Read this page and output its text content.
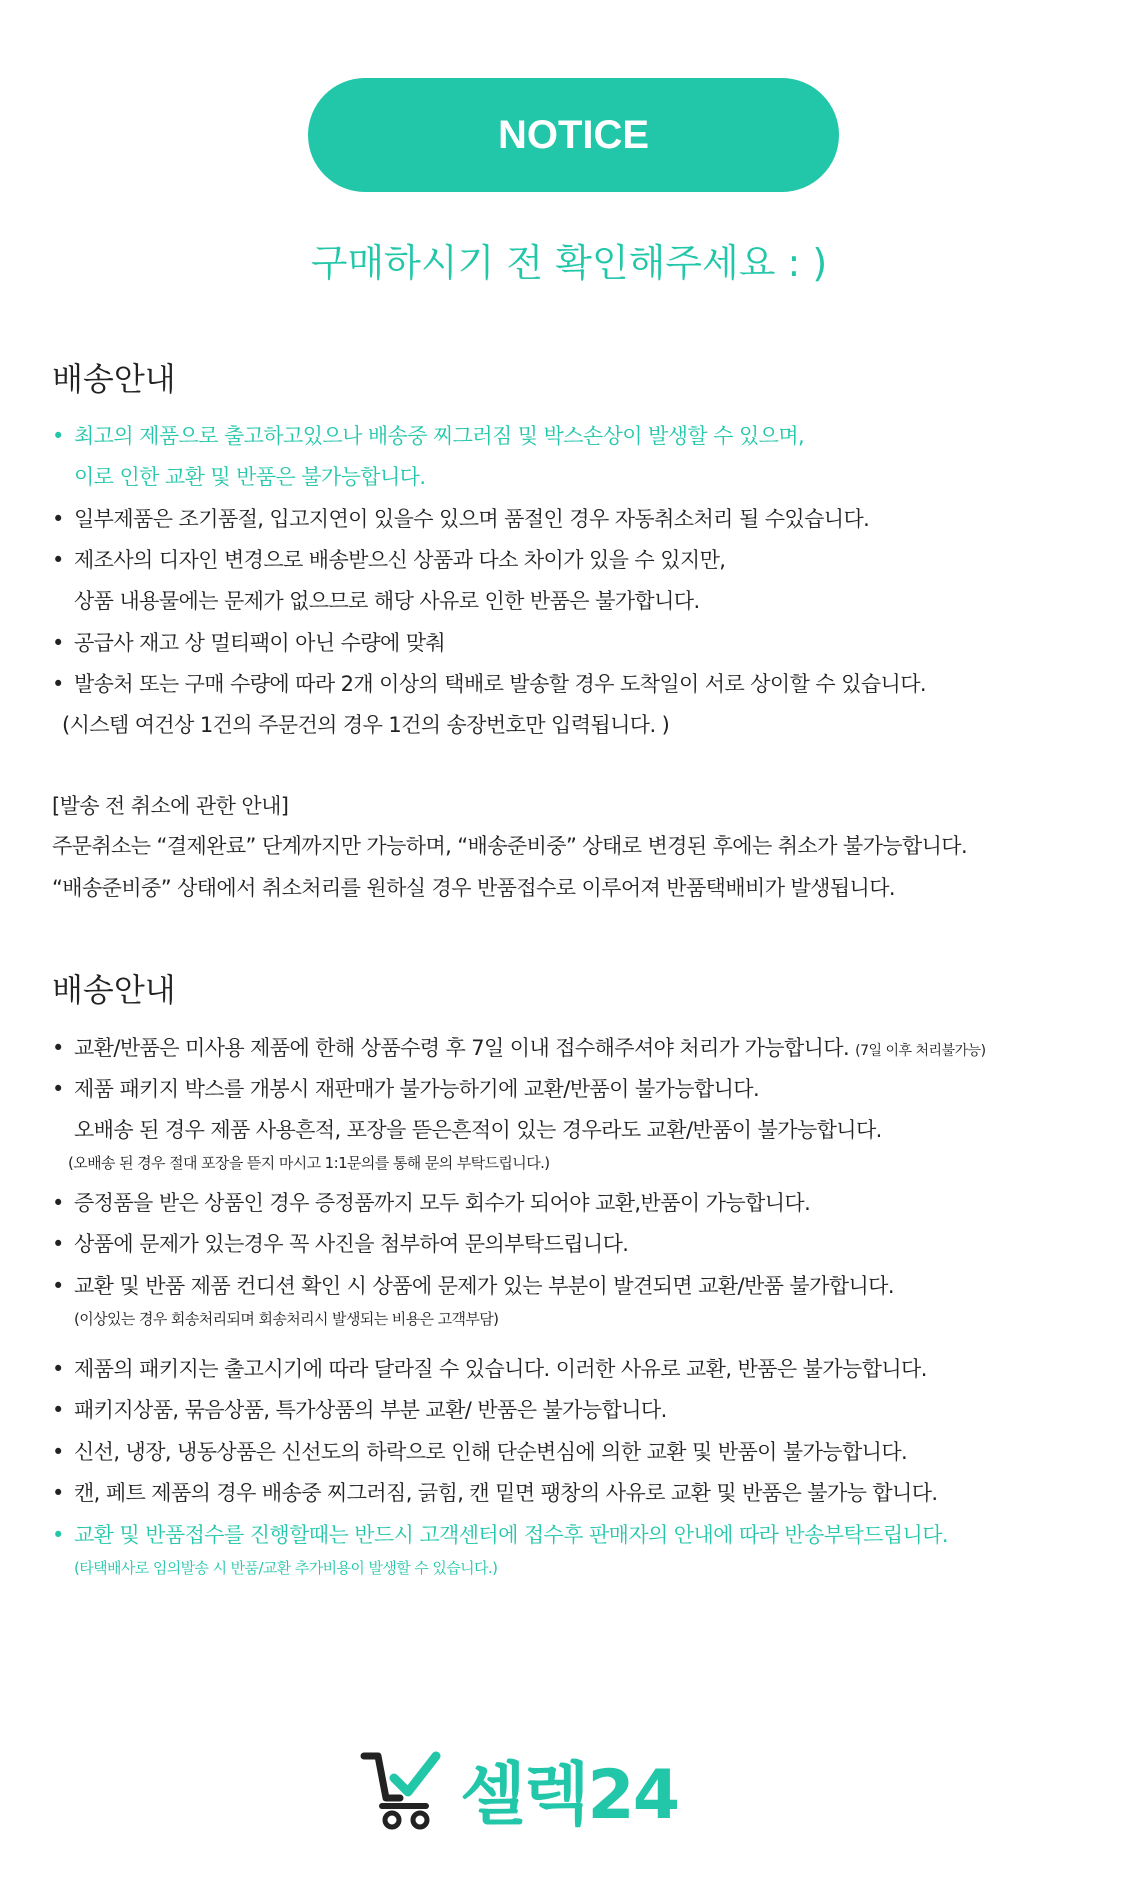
NOTICE
구매하시기 전 확인해주세요 : )
배송안내
• 최고의 제품으로 출고하고있으나 배송중 찌그러짐 및 박스손상이 발생할 수 있으며,
이로 인한 교환 및 반품은 불가능합니다.
• 일부제품은 조기품절, 입고지연이 있을수 있으며 품절인 경우 자동취소처리 될 수있습니다.
• 제조사의 디자인 변경으로 배송받으신 상품과 다소 차이가 있을 수 있지만,
상품 내용물에는 문제가 없으므로 해당 사유로 인한 반품은 불가합니다.
• 공급사 재고 상 멀티팩이 아닌 수량에 맞춰
• 발송처 또는 구매 수량에 따라 2개 이상의 택배로 발송할 경우 도착일이 서로 상이할 수 있습니다.
(시스템 여건상 1건의 주문건의 경우 1건의 송장번호만 입력됩니다. )
[발송 전 취소에 관한 안내]
주문취소는 “결제완료” 단계까지만 가능하며, “배송준비중” 상태로 변경된 후에는 취소가 불가능합니다.
“배송준비중” 상태에서 취소처리를 원하실 경우 반품접수로 이루어져 반품택배비가 발생됩니다.
배송안내
• 교환/반품은 미사용 제품에 한해 상품수령 후 7일 이내 접수해주셔야 처리가 가능합니다. (7일 이후 처리불가능)
• 제품 패키지 박스를 개봉시 재판매가 불가능하기에 교환/반품이 불가능합니다.
오배송 된 경우 제품 사용흔적, 포장을 뜯은흔적이 있는 경우라도 교환/반품이 불가능합니다.
(오배송 된 경우 절대 포장을 뜯지 마시고 1:1문의를 통해 문의 부탁드립니다.)
• 증정품을 받은 상품인 경우 증정품까지 모두 회수가 되어야 교환,반품이 가능합니다.
• 상품에 문제가 있는경우 꼭 사진을 첨부하여 문의부탁드립니다.
• 교환 및 반품 제품 컨디션 확인 시 상품에 문제가 있는 부분이 발견되면 교환/반품 불가합니다.
(이상있는 경우 회송처리되며 회송처리시 발생되는 비용은 고객부담)
• 제품의 패키지는 출고시기에 따라 달라질 수 있습니다. 이러한 사유로 교환, 반품은 불가능합니다.
• 패키지상품, 묶음상품, 특가상품의 부분 교환/ 반품은 불가능합니다.
• 신선, 냉장, 냉동상품은 신선도의 하락으로 인해 단순변심에 의한 교환 및 반품이 불가능합니다.
• 캔, 페트 제품의 경우 배송중 찌그러짐, 긁힘, 캔 밑면 팽창의 사유로 교환 및 반품은 불가능 합니다.
• 교환 및 반품접수를 진행할때는 반드시 고객센터에 접수후 판매자의 안내에 따라 반송부탁드립니다.
(타택배사로 임의발송 시 반품/교환 추가비용이 발생할 수 있습니다.)
셀렉24
